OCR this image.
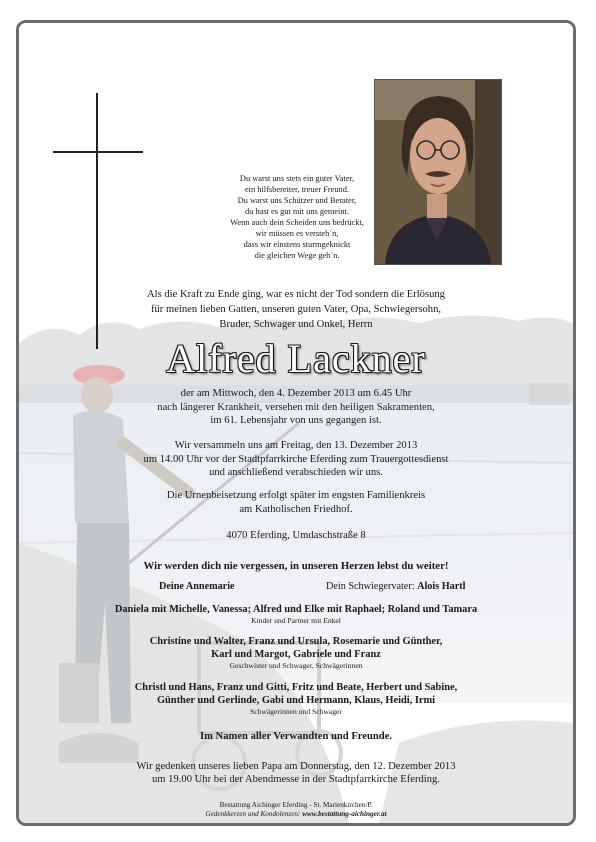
Du warst uns stets ein guter Vater,
ein hilfsbereiter, treuer Freund.
Du warst uns Schützer und Berater,
du hast es gut mit uns gemeint.
Wenn auch dein Scheiden uns bedrückt,
wir müssen es versteh´n,
dass wir einstens sturmgeknickt
die gleichen Wege geh´n.
Als die Kraft zu Ende ging, war es nicht der Tod sondern die Erlösung
für meinen lieben Gatten, unseren guten Vater, Opa, Schwiegersohn,
Bruder, Schwager und Onkel, Herrn
Alfred Lackner
der am Mittwoch, den 4. Dezember 2013 um 6.45 Uhr
nach längerer Krankheit, versehen mit den heiligen Sakramenten,
im 61. Lebensjahr von uns gegangen ist.
Wir versammeln uns am Freitag, den 13. Dezember 2013
um 14.00 Uhr vor der Stadtpfarrkirche Eferding zum Trauergottesdienst
und anschließend verabschieden wir uns.
Die Urnenbeisetzung erfolgt später im engsten Familienkreis
am Katholischen Friedhof.
4070 Eferding, Umdaschstraße 8
Wir werden dich nie vergessen, in unseren Herzen lebst du weiter!
Deine Annemarie	Dein Schwiegervater: Alois Hartl
Daniela mit Michelle, Vanessa; Alfred und Elke mit Raphael; Roland und Tamara
Kinder und Partner mit Enkel
Christine und Walter, Franz und Ursula, Rosemarie und Günther,
Karl und Margot, Gabriele und Franz
Geschwister und Schwager, Schwägerinnen
Christl und Hans, Franz und Gitti, Fritz und Beate, Herbert und Sabine,
Günther und Gerlinde, Gabi und Hermann, Klaus, Heidi, Irmi
Schwägerinnen und Schwager
Im Namen aller Verwandten und Freunde.
Wir gedenken unseres lieben Papa am Donnerstag, den 12. Dezember 2013
um 19.00 Uhr bei der Abendmesse in der Stadtpfarrkirche Eferding.
Bestattung Aichinger Eferding - St. Marienkirchen/P.
Gedenkkerzen und Kondolenzen: www.bestattung-aichinger.at
